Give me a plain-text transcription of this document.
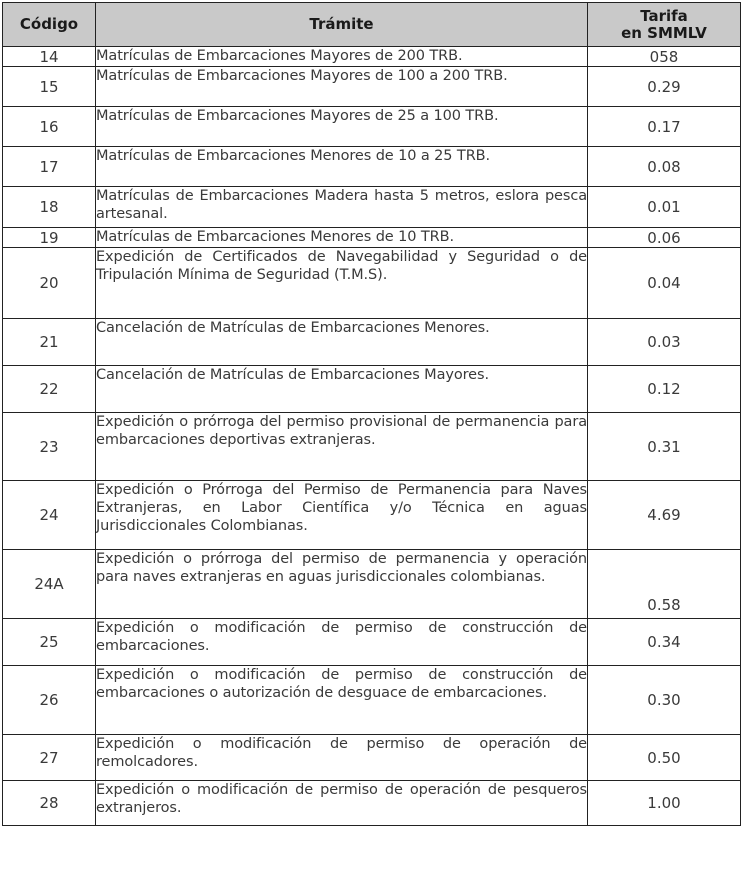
Código	Trámite	Tarifa
en SMMLV

14	Matrículas de Embarcaciones Mayores de 200 TRB.	058
15	Matrículas de Embarcaciones Mayores de 100 a 200 TRB.	0.29
16	Matrículas de Embarcaciones Mayores de 25 a 100 TRB.	0.17
17	Matrículas de Embarcaciones Menores de 10 a 25 TRB.	0.08
18	Matrículas de Embarcaciones Madera hasta 5 metros, eslora pesca artesanal.	0.01
19	Matrículas de Embarcaciones Menores de 10 TRB.	0.06
20	Expedición de Certificados de Navegabilidad y Seguridad o de Tripulación Mínima de Seguridad (T.M.S).	0.04
21	Cancelación de Matrículas de Embarcaciones Menores.	0.03
22	Cancelación de Matrículas de Embarcaciones Mayores.	0.12
23	Expedición o prórroga del permiso provisional de permanencia para embarcaciones deportivas extranjeras.	0.31
24	Expedición o Prórroga del Permiso de Permanencia para Naves Extranjeras, en Labor Científica y/o Técnica en aguas Jurisdiccionales Colombianas.	4.69
24A	Expedición o prórroga del permiso de permanencia y operación para naves extranjeras en aguas jurisdiccionales colombianas.	0.58
25	Expedición o modificación de permiso de construcción de embarcaciones.	0.34
26	Expedición o modificación de permiso de construcción de embarcaciones o autorización de desguace de embarcaciones.	0.30
27	Expedición o modificación de permiso de operación de remolcadores.	0.50
28	Expedición o modificación de permiso de operación de pesqueros extranjeros.	1.00
